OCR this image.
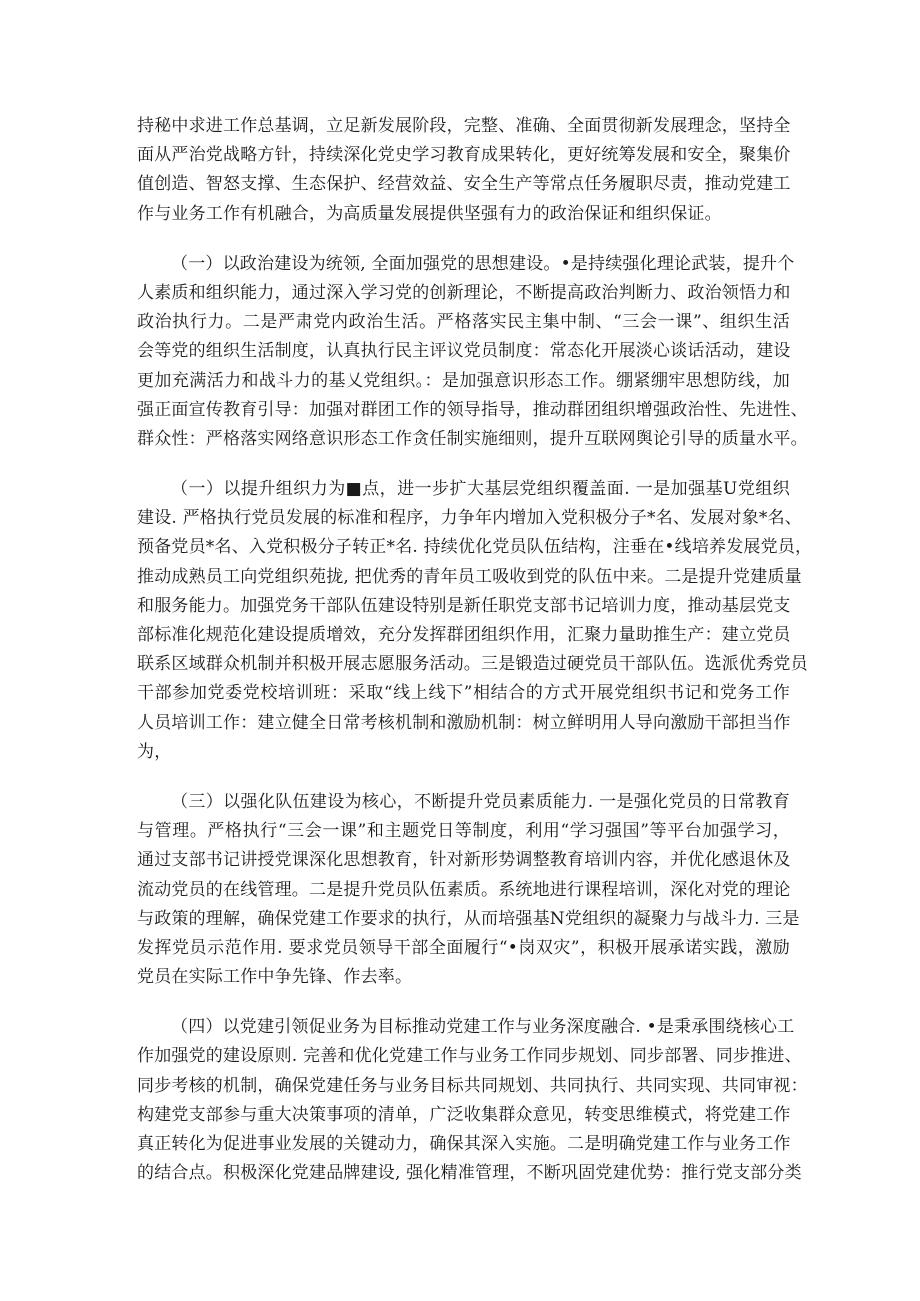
持秘中求进工作总基调，立足新发展阶段，完整、准确、全面贯彻新发展理念，坚持全
面从严治党战略方针，持续深化党史学习教育成果转化，更好统筹发展和安全，聚集价
值创造、智怒支撑、生态保护、经营效益、安全生产等常点任务履职尽责，推动党建工
作与业务工作有机融合，为高质量发展提供坚强有力的政治保证和组织保证。
（一）以政治建设为统领, 全面加强党的思想建设。•是持续强化理论武装，提升个
人素质和组织能力，通过深入学习党的创新理论，不断提高政治判断力、政治领悟力和
政治执行力。二是严肃党内政治生活。严格落实民主集中制、“三会一课”、组织生活
会等党的组织生活制度，认真执行民主评议党员制度：常态化开展淡心谈话活动，建设
更加充满活力和战斗力的基乂党组织。：是加强意识形态工作。绷紧绷牢思想防线，加
强正面宣传教育引导：加强对群团工作的领导指导，推动群团组织增强政治性、先进性、
群众性：严格落实网络意识形态工作贪任制实施细则，提升互联网舆论引导的质量水平。
（一）以提升组织力为■点，进一步扩大基层党组织覆盖面. 一是加强基U党组织
建设. 严格执行党员发展的标准和程序，力争年内增加入党积极分子*名、发展对象*名、
预备党员*名、入党积极分子转正*名. 持续优化党员队伍结构，注垂在•线培养发展党员，
推动成熟员工向党组织苑拢, 把优秀的青年员工吸收到党的队伍中来。二是提升党建质量
和服务能力。加强党务干部队伍建设特别是新任职党支部书记培训力度，推动基层党支
部标准化规范化建设提质增效，充分发挥群团组织作用，汇聚力量助推生产：建立党员
联系区域群众机制并积极开展志愿服务活动。三是锻造过硬党员干部队伍。选派优秀党员
干部参加党委党校培训班：采取“线上线下”相结合的方式开展党组织书记和党务工作
人员培训工作：建立健全日常考核机制和激励机制：树立鲜明用人导向激励干部担当作
为，
（三）以强化队伍建设为核心，不断提升党员素质能力. 一是强化党员的日常教育
与管理。严格执行“三会一课”和主题党日等制度，利用“学习强国”等平台加强学习，
通过支部书记讲授党课深化思想教育，针对新形势调整教育培训内容，并优化感退休及
流动党员的在线管理。二是提升党员队伍素质。系统地进行课程培训，深化对党的理论
与政策的理解，确保党建工作要求的执行，从而培强基N党组织的凝聚力与战斗力. 三是
发挥党员示范作用. 要求党员领导干部全面履行“•岗双灾”，积极开展承诺实践，激励
党员在实际工作中争先锋、作去率。
（四）以党建引领促业务为目标推动党建工作与业务深度融合. •是秉承围绕核心工
作加强党的建设原则. 完善和优化党建工作与业务工作同步规划、同步部署、同步推进、
同步考核的机制，确保党建任务与业务目标共同规划、共同执行、共同实现、共同审视：
构建党支部参与重大决策事项的清单，广泛收集群众意见，转变思维模式，将党建工作
真正转化为促进事业发展的关键动力，确保其深入实施。二是明确党建工作与业务工作
的结合点。积极深化党建品牌建设, 强化精准管理，不断巩固党建优势：推行党支部分类
